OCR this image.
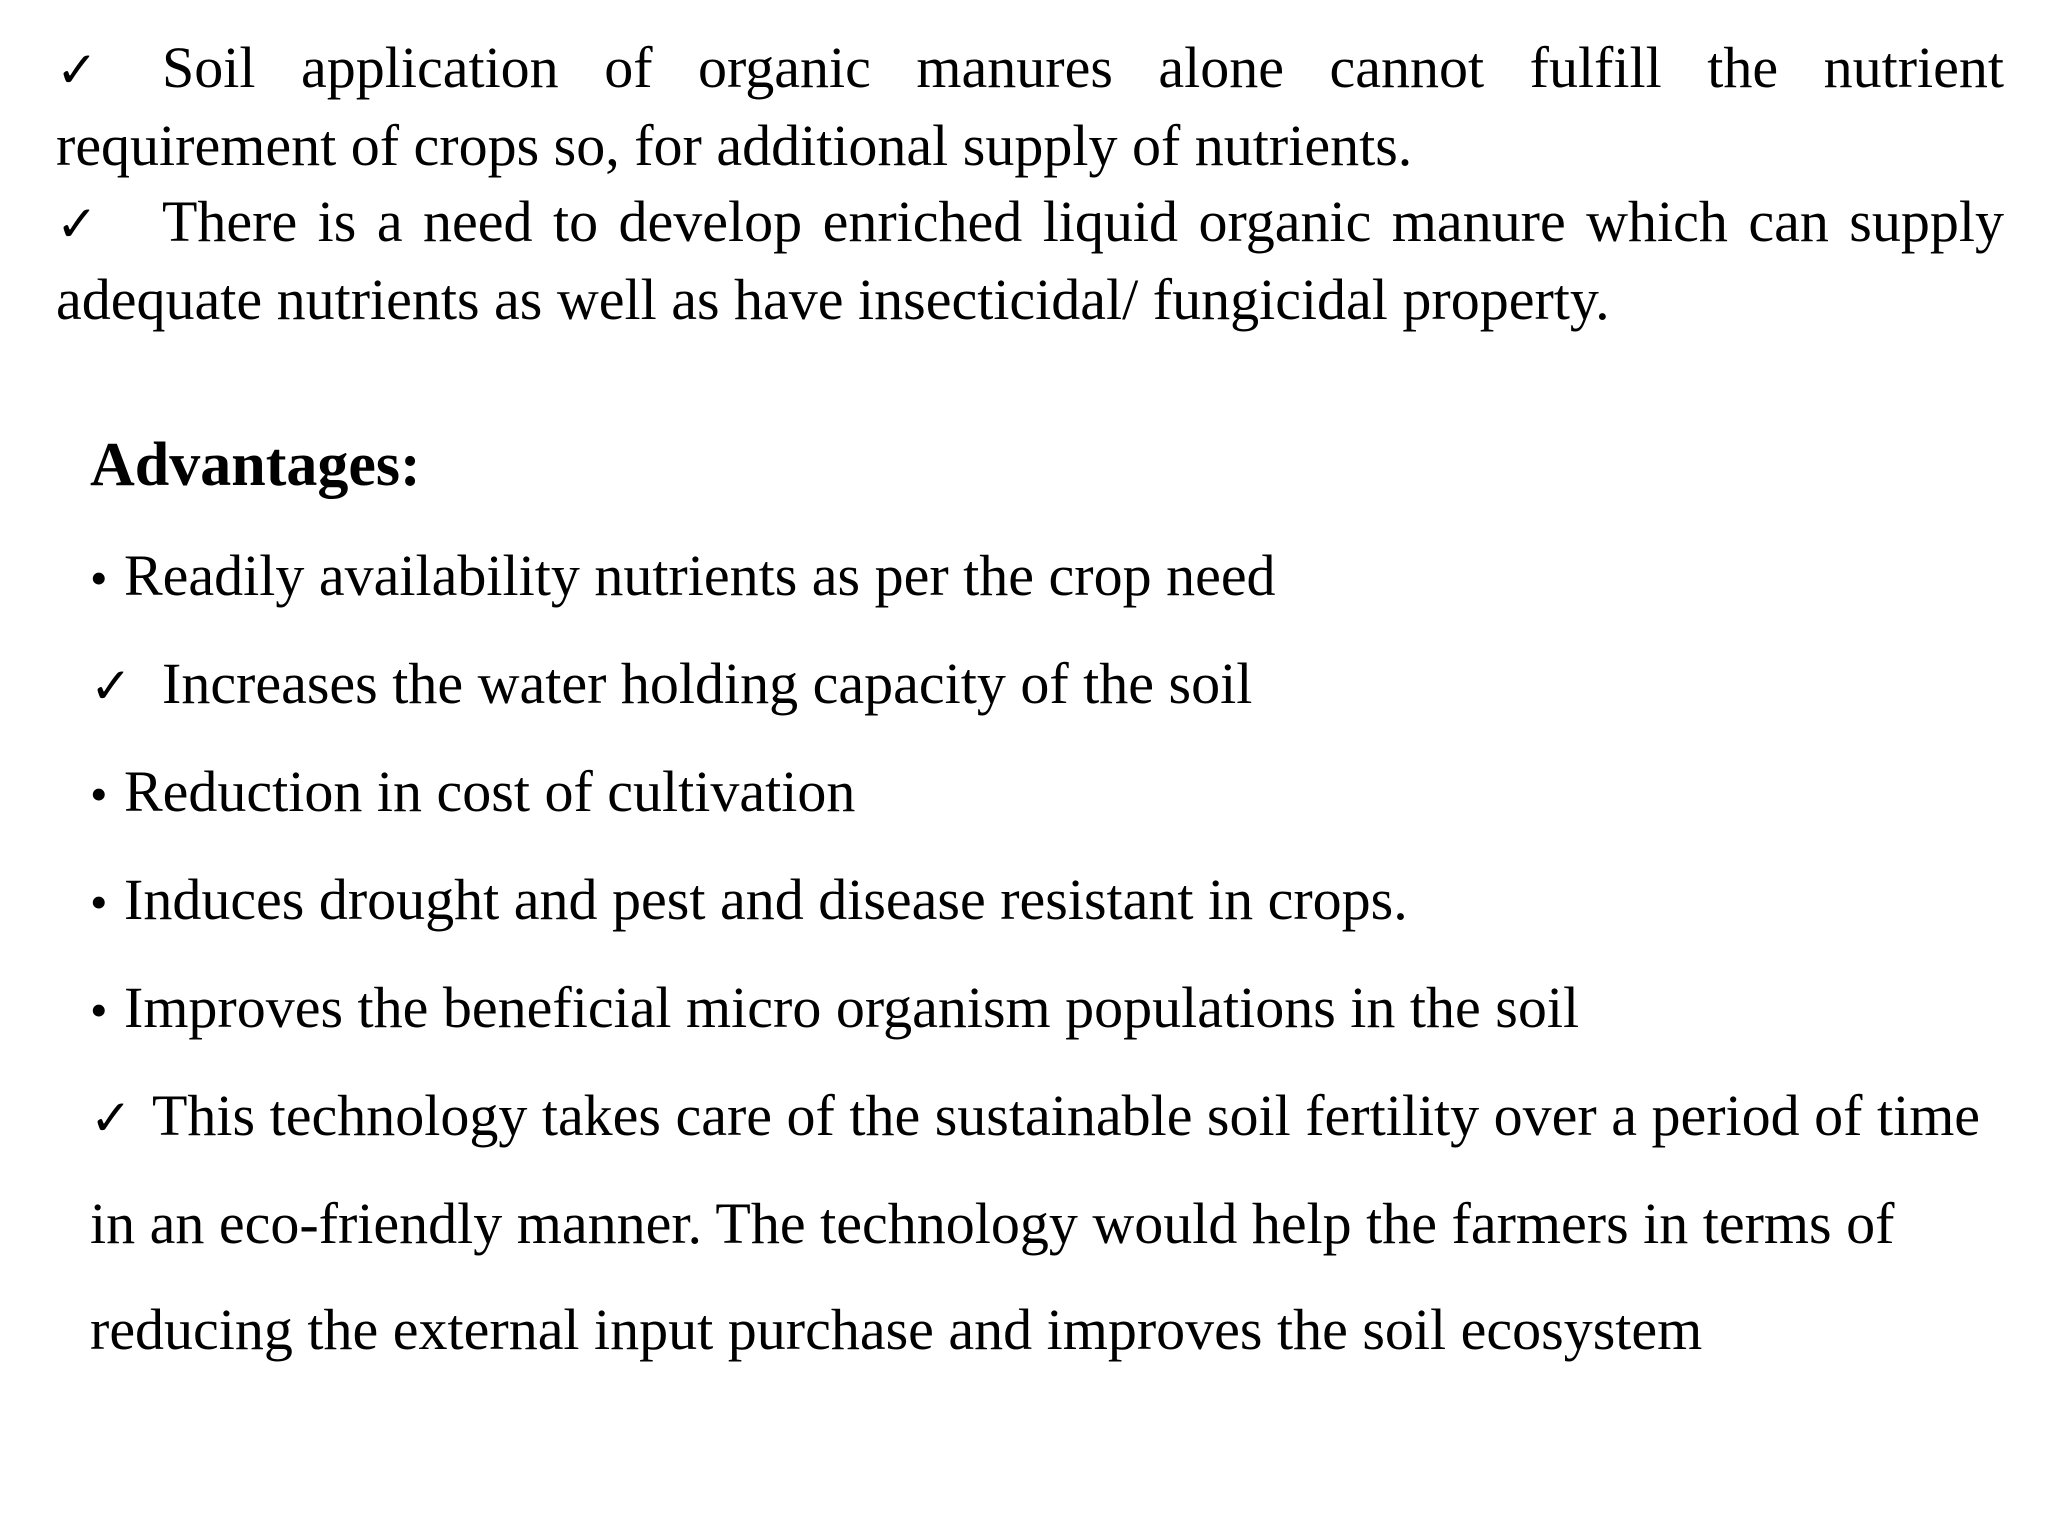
✓ Soil application of organic manures alone cannot fulfill the nutrient requirement of crops so, for additional supply of nutrients.

✓ There is a need to develop enriched liquid organic manure which can supply adequate nutrients as well as have insecticidal/ fungicidal property.

Advantages:
• Readily availability nutrients as per the crop need
✓ Increases the water holding capacity of the soil
• Reduction in cost of cultivation
• Induces drought and pest and disease resistant in crops.
• Improves the beneficial micro organism populations in the soil
✓ This technology takes care of the sustainable soil fertility over a period of time in an eco-friendly manner. The technology would help the farmers in terms of reducing the external input purchase and improves the soil ecosystem
